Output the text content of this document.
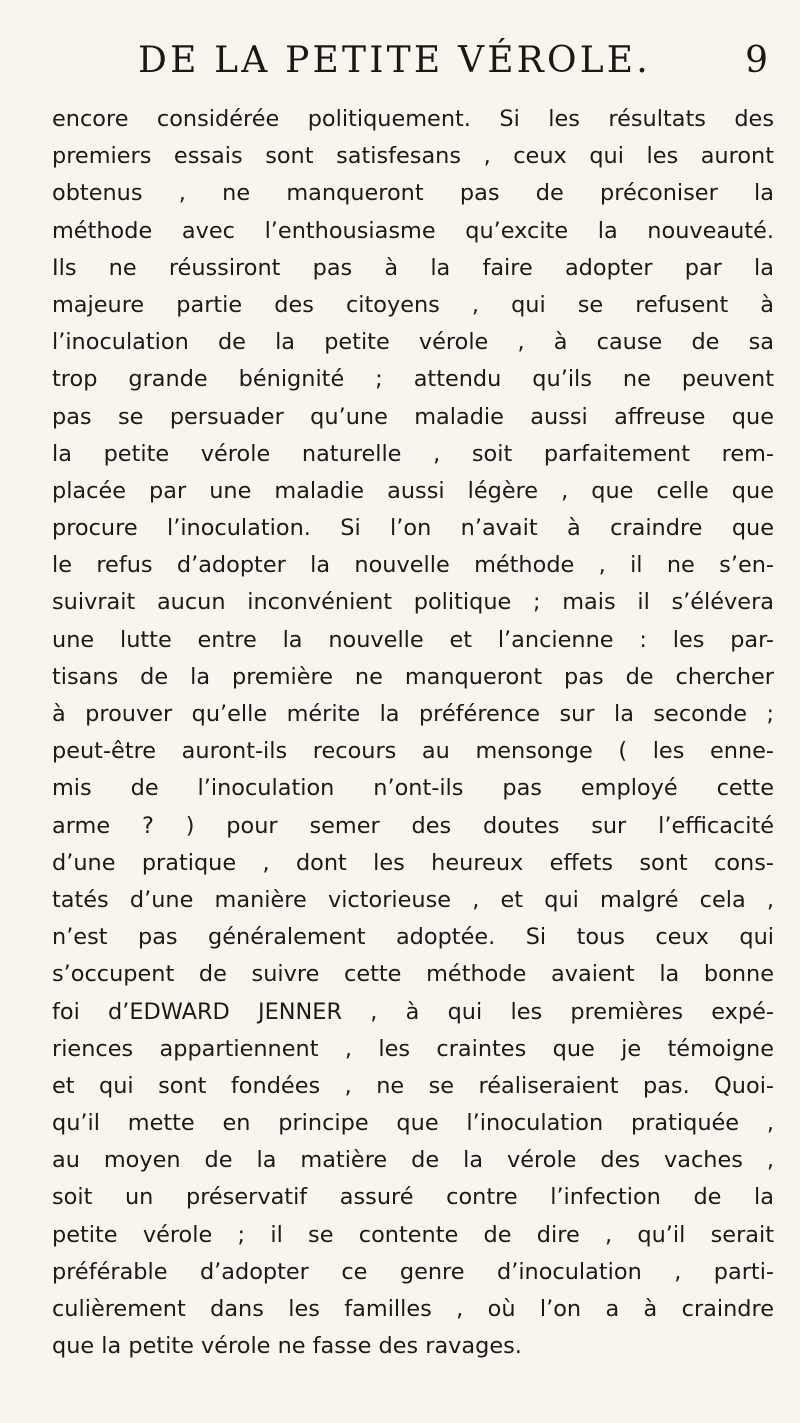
DE LA PETITE VÉROLE.	9
encore considérée politiquement. Si les résultats des
premiers essais sont satisfesans , ceux qui les auront
obtenus , ne manqueront pas de préconiser la
méthode avec l’enthousiasme qu’excite la nouveauté.
Ils ne réussiront pas à la faire adopter par la
majeure partie des citoyens , qui se refusent à
l’inoculation de la petite vérole , à cause de sa
trop grande bénignité ; attendu qu’ils ne peuvent
pas se persuader qu’une maladie aussi affreuse que
la petite vérole naturelle , soit parfaitement rem-
placée par une maladie aussi légère , que celle que
procure l’inoculation. Si l’on n’avait à craindre que
le refus d’adopter la nouvelle méthode , il ne s’en-
suivrait aucun inconvénient politique ; mais il s’élévera
une lutte entre la nouvelle et l’ancienne : les par-
tisans de la première ne manqueront pas de chercher
à prouver qu’elle mérite la préférence sur la seconde ;
peut-être auront-ils recours au mensonge ( les enne-
mis de l’inoculation n’ont-ils pas employé cette
arme ? ) pour semer des doutes sur l’efficacité
d’une pratique , dont les heureux effets sont cons-
tatés d’une manière victorieuse , et qui malgré cela ,
n’est pas généralement adoptée. Si tous ceux qui
s’occupent de suivre cette méthode avaient la bonne
foi d’EDWARD JENNER , à qui les premières expé-
riences appartiennent , les craintes que je témoigne
et qui sont fondées , ne se réaliseraient pas. Quoi-
qu’il mette en principe que l’inoculation pratiquée ,
au moyen de la matière de la vérole des vaches ,
soit un préservatif assuré contre l’infection de la
petite vérole ; il se contente de dire , qu’il serait
préférable d’adopter ce genre d’inoculation , parti-
culièrement dans les familles , où l’on a à craindre
que la petite vérole ne fasse des ravages.
